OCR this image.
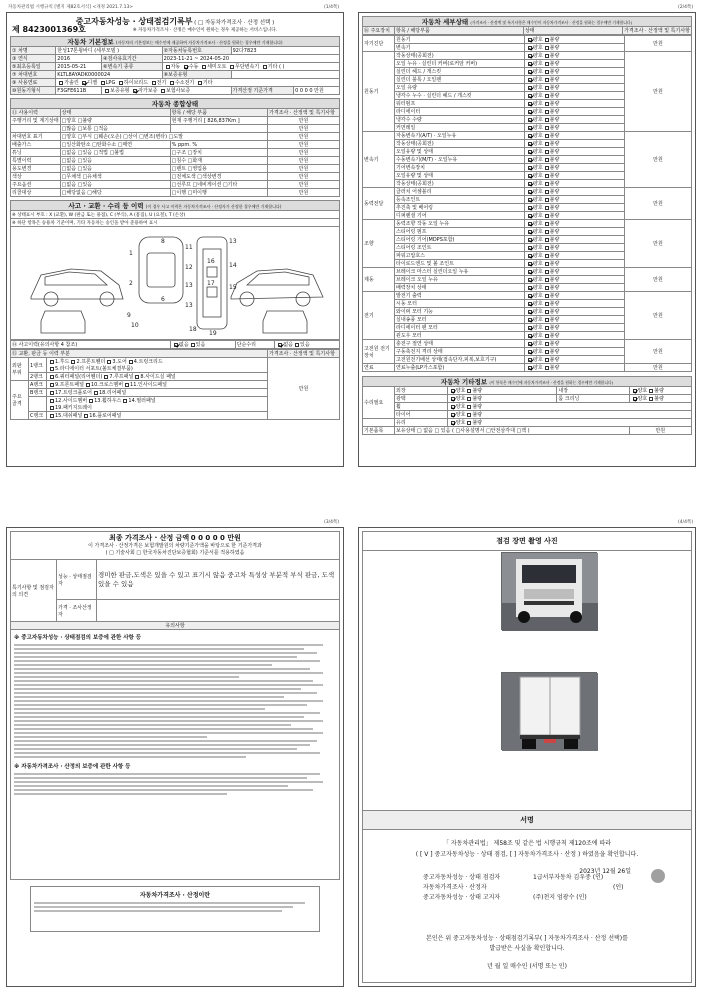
자동차관리법 시행규칙 [별지 제82호서식] <개정 2021.7.13>	(1/4쪽)
제 8423001369호
중고자동차성능 · 상태점검기록부 ( □ 자동차가격조사 · 산정 선택 )
※ 자동차가격조사 · 산정은 매수인이 원하는 경우 제공하는 서비스입니다.
자동차 기본정보 (자동차의 기본정보는 매수인에 제공하여 자동차가격조사 · 산정을 원하는 경우에만 기재합니다)					
① 차명	한성17톤윙바디 (세부모델 )		②자동차등록번호	92다7823	
③ 연식	2016	④검사유효기간	2023-11-21 ~ 2024-05-20		
⑤최초등록일	2015-05-21	⑥변속기 종류	자동 수동 세미오토 무단변속기 기타 ( )		
⑦ 차대번호	KLTL8AYADK0000024		⑧보증유형		
⑨ 사용연료	가솔린 디젤 LPG 하이브리드 전기 수소전기 기타				
⑩원동기형식	F3GFE611B	보증유형 자가보증 보험사보증		가격산정 기준가격	0 0 0 0 만원
자동차 종합상태			
⑪ 사용이력	상태	항목 / 해당 부품	가격조사 · 산정액 및 특기사항
주행거리 및 계기상태	□양호 □불량	현재 주행거리 [ 826,837Km ]	만원
	□많음 □보통 □적음		만원
차대번호 표기	□양호 □부식 □훼손(오손) □상이 □변조(변타) □도말		만원
배출가스	□일산화탄소 □탄화수소 □매연	% ppm. %	만원
튜닝	□없음 □있음 □적법 □불법	□구조 □장치	만원
특별이력	□없음 □있음	□침수 □화재	만원
용도변경	□없음 □있음	□렌트 □영업용	만원
색상	□무채색 □유채색	□전체도색 □색상변경	만원
주요옵션	□없음 □있음	□선루프 □네비게이션 □기타	만원
리콜대상	□해당없음 □해당	□이행 □미이행	만원
사고 · 교환 · 수리 등 이력 (이 경우 사고 이력은 자동차가격조사 · 산정자가 산정한 경우에만 기재합니다)
※ 상태표시 부호 : X (교환), W (판금 또는 용접), C (부식), A (흠집), U (요철), T (손상)
※ 하단 항목은 승용차 기준이며, 기타 자동차는 승인을 받아 준용하여 표시

11
12
13
13
14
15
13
18
19
16
17
1
2
9
10
8
6
⑭ 사고이력(유의사항 4 참조)	없음 있음	단순수리	없음 있음
⑮ 교환, 판금 등 이력 부분			가격조사 · 산정액 및 특기사항
외판 부위	1랭크	1.후드 2.프론트휀더 3.도어 4.트렁크리드
5.라디에이터 서포트(볼트체결부품)	만원
	2랭크	6.쿼터패널(리어휀더) 7.루프패널 8.사이드실 패널	
주요 골격	A랭크	9.프론트패널 10.크로스멤버 11.인사이드패널	
	B랭크	17.트렁크플로어 18.리어패널	
		12.사이드멤버 13.휠하우스 14.필러패널
19.패키지트레이	
	C랭크	15.대쉬패널 16.플로어패널	
(2/4쪽)
자동차 세부상태 (가격조사 · 산정액 및 특기사항은 매수인이 자동차가격조사 · 산정을 원하는 경우에만 기재합니다)
⑯ 주요장치	항목 / 해당부품	상태	가격조사 · 산정액 및 특기사항
자기진단	원동기	양호 불량	만원
	변속기	양호 불량	
원동기	작동상태(공회전)	양호 불량	만원
	오일 누유 · 실린더 커버(로커암 커버)	양호 불량	
	실린더 헤드 / 개스킷	양호 불량	
	실린더 블록 / 오일팬	양호 불량	
	오일 유량	양호 불량	
	냉각수 누수 · 실린더 헤드 / 개스킷	양호 불량	
	워터펌프	양호 불량	
	라디에이터	양호 불량	
	냉각수 수량	양호 불량	
	커먼레일	양호 불량	
변속기	자동변속기(A/T) · 오일누유	양호 불량	만원
	작동상태(공회전)	양호 불량	
	오일유량 및 상태	양호 불량	
	수동변속기(M/T) · 오일누유	양호 불량	
	기어변속장치	양호 불량	
	오일유량 및 상태	양호 불량	
	작동상태(공회전)	양호 불량	
동력전달	클러치 어셈블리	양호 불량	만원
	등속조인트	양호 불량	
	추진축 및 베어링	양호 불량	
	디퍼렌셜 기어	양호 불량	
조향	동력조향 작동 오일 누유	양호 불량	만원
	스티어링 펌프	양호 불량	
	스티어링 기어(MDPS포함)	양호 불량	
	스티어링 조인트	양호 불량	
	파워고압호스	양호 불량	
	타이로드엔드 및 볼 조인트	양호 불량	
제동	브레이크 마스터 실린더오일 누유	양호 불량	만원
	브레이크 오일 누유	양호 불량	
	배력장치 상태	양호 불량	
전기	발전기 출력	양호 불량	만원
	시동 모터	양호 불량	
	와이퍼 모터 기능	양호 불량	
	실내송풍 모터	양호 불량	
	라디에이터 팬 모터	양호 불량	
	윈도우 모터	양호 불량	
고전원 전기장치	충전구 절연 상태	양호 불량	만원
	구동축전지 격리 상태	양호 불량	
	고전원전기배선 상태(접속단자,피복,보호기구)	양호 불량	
연료	연료누출(LP가스포함)	양호 불량	만원
자동차 기타정보 (이 항목은 매수인에 자동차가격조사 · 산정을 원하는 경우에만 기재합니다)				
수리필요	외장	양호 불량	내장	양호 불량
	광택	양호 불량	룸 크리닝	양호 불량
	휠	양호 불량		
	타이어	양호 불량		
	유리	양호 불량		
기본품목	보유상태 □ 없음 □ 있음 ( □사용설명서 □안전삼각대 □잭 )			만원
(3/4쪽)
최종 가격조사 · 산정 금액 0 0 0 0 0 만원
이 가격조사 · 산정가격은 보험개발원의 차량기준가액을 바탕으로 한 기준가격과
( □ 기술사회 □ 한국자동차진단보증협회) 기준서를 적용하였음		
특기사항 및 점검자의 의견	성능 · 상태점검자	경미한 판금,도색은 있을 수 있고 표기시 않음 중고차 특성상 부분적 부식 판금, 도색 있을 수 있음
	가격 · 조사산정자	
유의사항		

※ 중고자동차성능 · 상태점검의 보증에 관한 사항 등
※ 자동차가격조사 · 산정의 보증에 관한 사항 등		
자동차가격조사 · 산정이란
(4/4쪽)
점검 장면 촬영 사진
서명
「 자동차관리법」 제58조 및 같은 법 시행규칙 제120조에 따라
( [ V ] 중고자동차성능 · 상태 점검, [ ] 자동차가격조사 · 산정 ) 하였음을 확인합니다.
2023년 12월 26일
중고자동차성능 · 상태 점검자	1급서부자동차 김우중 (인)
자동차가격조사 · 산정자	(인)
중고자동차성능 · 상태 고지자	(주)천지 엄광수 (인)
본인은 위 중고자동차성능 · 상태점검기록부( ] 자동차가격조사 · 산정 선택)를
발급받은 사실을 확인합니다.
년 월 일 매수인 (서명 또는 인)
